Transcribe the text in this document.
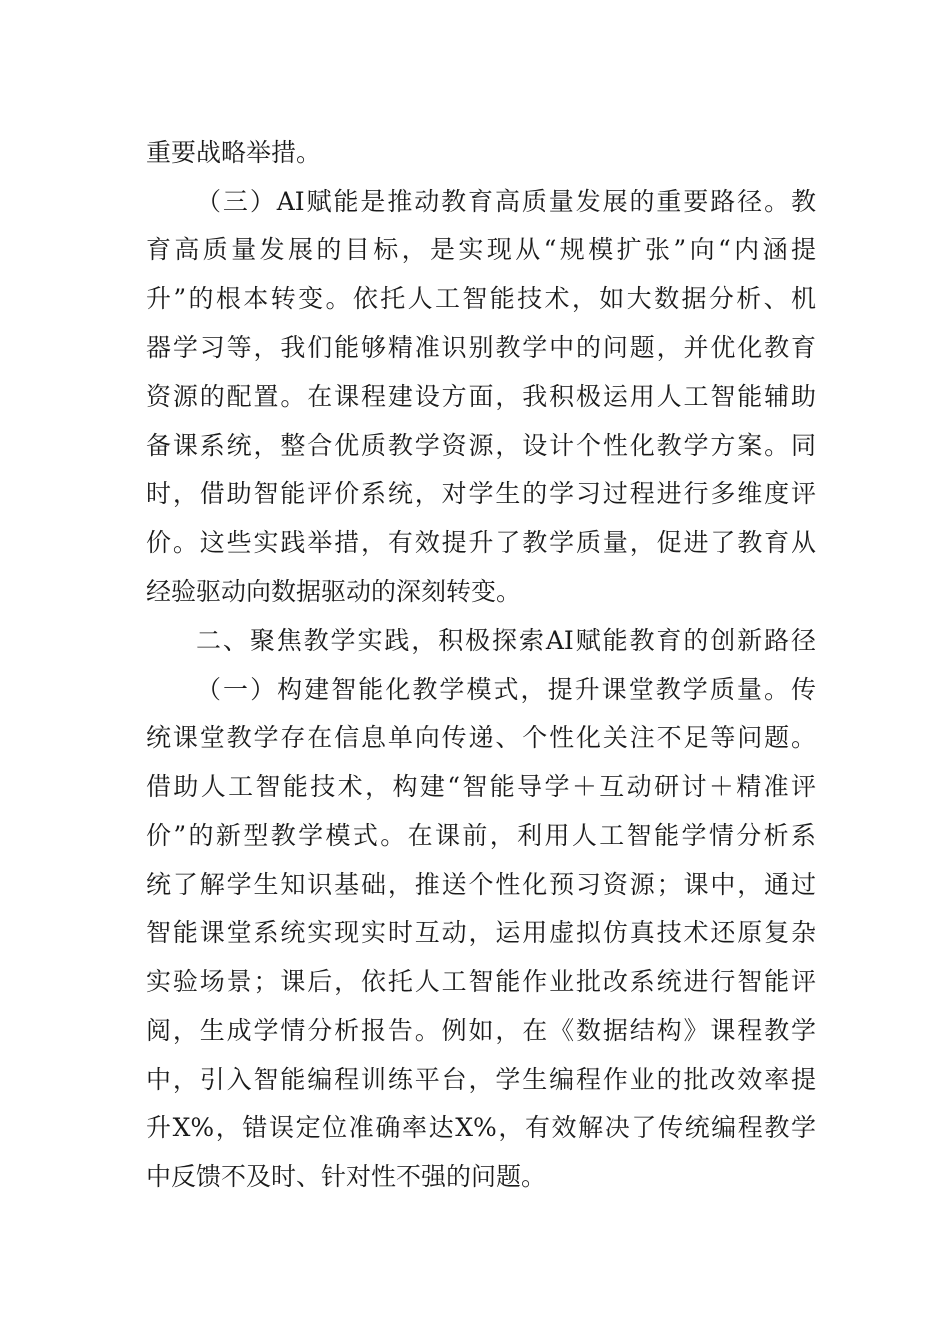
重要战略举措。
（三）AI赋能是推动教育高质量发展的重要路径。教
育高质量发展的目标，是实现从“规模扩张”向“内涵提
升”的根本转变。依托人工智能技术，如大数据分析、机
器学习等，我们能够精准识别教学中的问题，并优化教育
资源的配置。在课程建设方面，我积极运用人工智能辅助
备课系统，整合优质教学资源，设计个性化教学方案。同
时，借助智能评价系统，对学生的学习过程进行多维度评
价。这些实践举措，有效提升了教学质量，促进了教育从
经验驱动向数据驱动的深刻转变。
二、聚焦教学实践，积极探索AI赋能教育的创新路径
（一）构建智能化教学模式，提升课堂教学质量。传
统课堂教学存在信息单向传递、个性化关注不足等问题。
借助人工智能技术，构建“智能导学＋互动研讨＋精准评
价”的新型教学模式。在课前，利用人工智能学情分析系
统了解学生知识基础，推送个性化预习资源；课中，通过
智能课堂系统实现实时互动，运用虚拟仿真技术还原复杂
实验场景；课后，依托人工智能作业批改系统进行智能评
阅，生成学情分析报告。例如，在《数据结构》课程教学
中，引入智能编程训练平台，学生编程作业的批改效率提
升X%，错误定位准确率达X%，有效解决了传统编程教学
中反馈不及时、针对性不强的问题。
